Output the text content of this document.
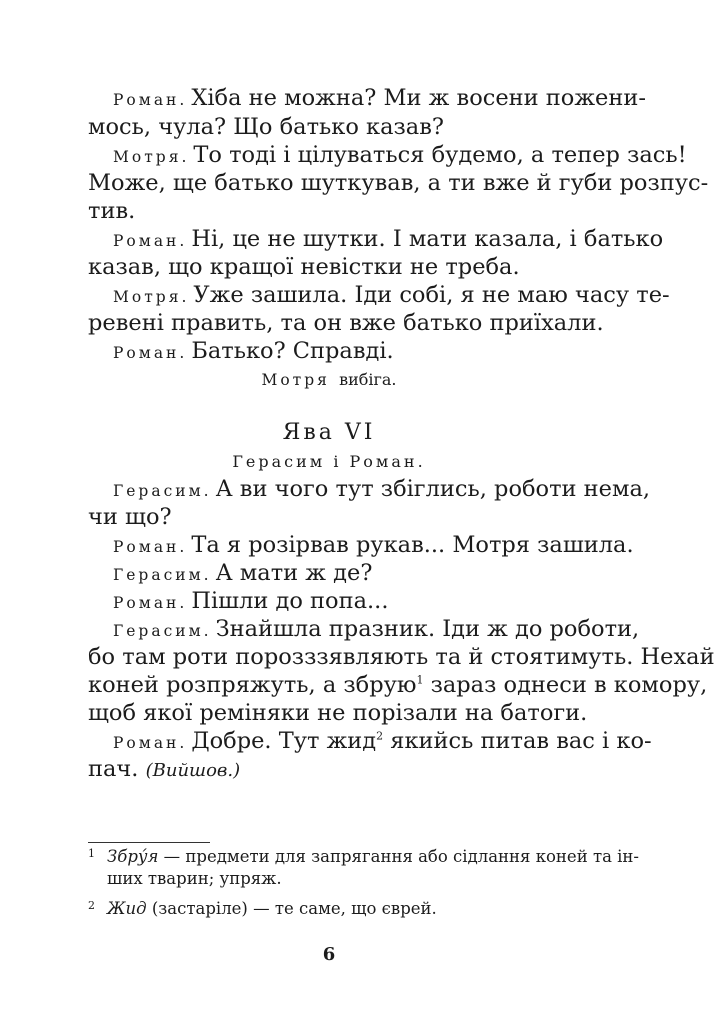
Роман. Хіба не можна? Ми ж восени пожени-
мось, чула? Що батько казав?
Мотря. То тоді і цілуваться будемо, а тепер зась!
Може, ще батько шуткував, а ти вже й губи розпус-
тив.
Роман. Ні, це не шутки. І мати казала, і батько
казав, що кращої невістки не треба.
Мотря. Уже зашила. Іди собі, я не маю часу те-
ревені править, та он вже батько приїхали.
Роман. Батько? Справді.
Мотря вибіга.
Ява VI
Герасим і Роман.
Герасим. А ви чого тут збіглись, роботи нема,
чи що?
Роман. Та я розірвав рукав... Мотря зашила.
Герасим. А мати ж де?
Роман. Пішли до попа...
Герасим. Знайшла празник. Іди ж до роботи,
бо там роти порозззявляють та й стоятимуть. Нехай
коней розпряжуть, а збрую$^1$ зараз однеси в комору,
щоб якої реміняки не порізали на батоги.
Роман. Добре. Тут жид$^2$ якийсь питав вас і ко-
пач. (Вийшов.)
1 Збру́я — предмети для запрягання або сідлання коней та ін-
ших тварин; упряж.
2 Жид (застаріле) — те саме, що єврей.
6
